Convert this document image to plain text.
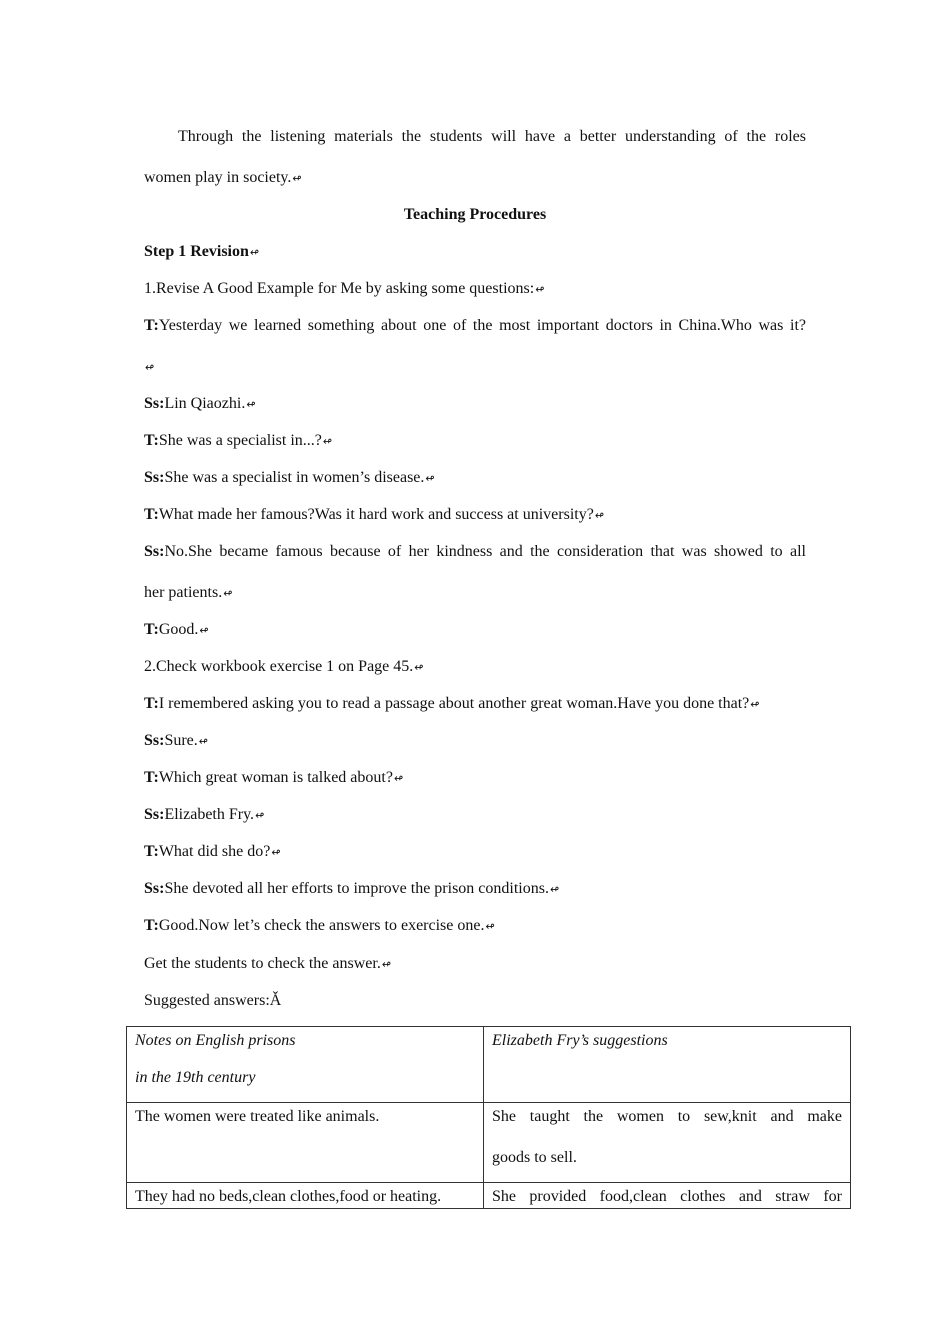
Through the listening materials the students will have a better understanding of the roles
women play in society.↫
Teaching Procedures
Step 1 Revision↫
1.Revise A Good Example for Me by asking some questions:↫
T:Yesterday we learned something about one of the most important doctors in China.Who was it?
↫
Ss:Lin Qiaozhi.↫
T:She was a specialist in...?↫
Ss:She was a specialist in women’s disease.↫
T:What made her famous?Was it hard work and success at university?↫
Ss:No.She became famous because of her kindness and the consideration that was showed to all
her patients.↫
T:Good.↫
2.Check workbook exercise 1 on Page 45.↫
T:I remembered asking you to read a passage about another great woman.Have you done that?↫
Ss:Sure.↫
T:Which great woman is talked about?↫
Ss:Elizabeth Fry.↫
T:What did she do?↫
Ss:She devoted all her efforts to improve the prison conditions.↫
T:Good.Now let’s check the answers to exercise one.↫
Get the students to check the answer.↫
Suggested answers:Ǎ
Notes on English prisons
in the 19th century	Elizabeth Fry’s suggestions
The women were treated like animals.	She taught the women to sew,knit and make
goods to sell.

They had no beds,clean clothes,food or heating.	She provided food,clean clothes and straw for
